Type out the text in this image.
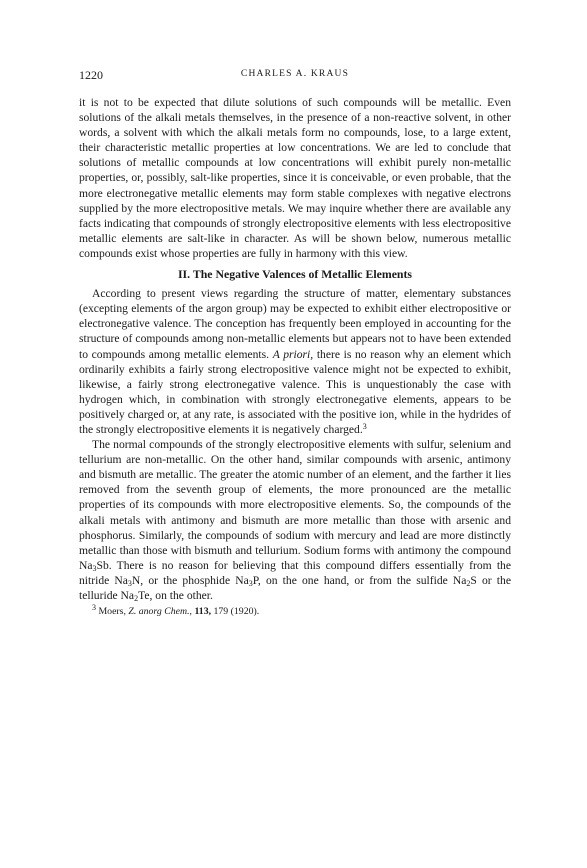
1220	CHARLES A. KRAUS

it is not to be expected that dilute solutions of such compounds will be metallic. Even solutions of the alkali metals themselves, in the presence of a non-reactive solvent, in other words, a solvent with which the alkali metals form no compounds, lose, to a large extent, their characteristic metallic properties at low concentrations. We are led to conclude that solutions of metallic compounds at low concentrations will exhibit purely non-metallic properties, or, possibly, salt-like properties, since it is conceivable, or even probable, that the more electronegative metallic elements may form stable complexes with negative electrons supplied by the more electropositive metals. We may inquire whether there are available any facts indicating that compounds of strongly electropositive elements with less electropositive metallic elements are salt-like in character. As will be shown below, numerous metallic compounds exist whose properties are fully in harmony with this view.

II. The Negative Valences of Metallic Elements

According to present views regarding the structure of matter, elementary substances (excepting elements of the argon group) may be expected to exhibit either electropositive or electronegative valence. The conception has frequently been employed in accounting for the structure of compounds among non-metallic elements but appears not to have been extended to compounds among metallic elements. A priori, there is no reason why an element which ordinarily exhibits a fairly strong electropositive valence might not be expected to exhibit, likewise, a fairly strong electronegative valence. This is unquestionably the case with hydrogen which, in combination with strongly electronegative elements, appears to be positively charged or, at any rate, is associated with the positive ion, while in the hydrides of the strongly electropositive elements it is negatively charged.$^3$

The normal compounds of the strongly electropositive elements with sulfur, selenium and tellurium are non-metallic. On the other hand, similar compounds with arsenic, antimony and bismuth are metallic. The greater the atomic number of an element, and the farther it lies removed from the seventh group of elements, the more pronounced are the metallic properties of its compounds with more electropositive elements. So, the compounds of the alkali metals with antimony and bismuth are more metallic than those with arsenic and phosphorus. Similarly, the compounds of sodium with mercury and lead are more distinctly metallic than those with bismuth and tellurium. Sodium forms with antimony the compound $Na_3Sb$. There is no reason for believing that this compound differs essentially from the nitride $Na_3N$, or the phosphide $Na_3P$, on the one hand, or from the sulfide $Na_2S$ or the telluride $Na_2Te$, on the other.

$^3$ Moers, Z. anorg Chem., 113, 179 (1920).
